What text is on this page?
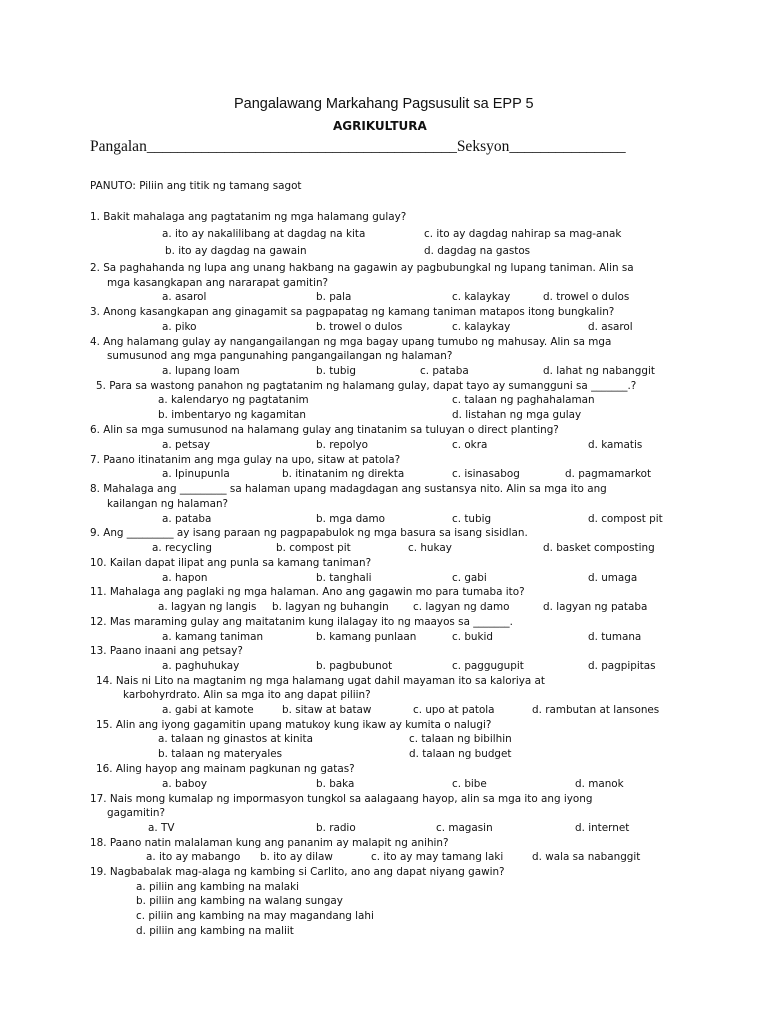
Pangalawang Markahang Pagsusulit sa EPP 5
AGRIKULTURA
Pangalan________________________________________Seksyon_______________
PANUTO: Piliin ang titik ng tamang sagot
1. Bakit mahalaga ang pagtatanim ng mga halamang gulay?
a. ito ay nakalilibang at dagdag na kita	c. ito ay dagdag nahirap sa mag-anak
b. ito ay dagdag na gawain	d. dagdag na gastos
2. Sa paghahanda ng lupa ang unang hakbang na gagawin ay pagbubungkal ng lupang taniman. Alin sa
mga kasangkapan ang nararapat gamitin?
a. asarol	b. pala	c. kalaykay	d. trowel o dulos
3. Anong kasangkapan ang ginagamit sa pagpapatag ng kamang taniman matapos itong bungkalin?
a. piko	b. trowel o dulos	c. kalaykay	d. asarol
4. Ang halamang gulay ay nangangailangan ng mga bagay upang tumubo ng mahusay. Alin sa mga
sumusunod ang mga pangunahing pangangailangan ng halaman?
a. lupang loam	b. tubig	c. pataba	d. lahat ng nabanggit
5. Para sa wastong panahon ng pagtatanim ng halamang gulay, dapat tayo ay sumangguni sa _______.?
a. kalendaryo ng pagtatanim	c. talaan ng paghahalaman
b. imbentaryo ng kagamitan	d. listahan ng mga gulay
6. Alin sa mga sumusunod na halamang gulay ang tinatanim sa tuluyan o direct planting?
a. petsay	b. repolyo	c. okra	d. kamatis
7. Paano itinatanim ang mga gulay na upo, sitaw at patola?
a. Ipinupunla	b. itinatanim ng direkta	c. isinasabog	d. pagmamarkot
8. Mahalaga ang _________ sa halaman upang madagdagan ang sustansya nito. Alin sa mga ito ang
kailangan ng halaman?
a. pataba	b. mga damo	c. tubig	d. compost pit
9. Ang _________ ay isang paraan ng pagpapabulok ng mga basura sa isang sisidlan.
a. recycling	b. compost pit	c. hukay	d. basket composting
10. Kailan dapat ilipat ang punla sa kamang taniman?
a. hapon	b. tanghali	c. gabi	d. umaga
11. Mahalaga ang paglaki ng mga halaman. Ano ang gagawin mo para tumaba ito?
a. lagyan ng langis b. lagyan ng buhangin c. lagyan ng damo	d. lagyan ng pataba
12. Mas maraming gulay ang maitatanim kung ilalagay ito ng maayos sa _______.
a. kamang taniman	b. kamang punlaan	c. bukid	d. tumana
13. Paano inaani ang petsay?
a. paghuhukay	b. pagbubunot	c. paggugupit	d. pagpipitas
14. Nais ni Lito na magtanim ng mga halamang ugat dahil mayaman ito sa kaloriya at
karbohyrdrato. Alin sa mga ito ang dapat piliin?
a. gabi at kamote	b. sitaw at bataw	c. upo at patola	d. rambutan at lansones
15. Alin ang iyong gagamitin upang matukoy kung ikaw ay kumita o nalugi?
a. talaan ng ginastos at kinita	c. talaan ng bibilhin
b. talaan ng materyales	d. talaan ng budget
16. Aling hayop ang mainam pagkunan ng gatas?
a. baboy	b. baka	c. bibe	d. manok
17. Nais mong kumalap ng impormasyon tungkol sa aalagaang hayop, alin sa mga ito ang iyong
gagamitin?
a. TV	b. radio	c. magasin	d. internet
18. Paano natin malalaman kung ang pananim ay malapit ng anihin?
a. ito ay mabango b. ito ay dilaw	c. ito ay may tamang laki	d. wala sa nabanggit
19. Nagbabalak mag-alaga ng kambing si Carlito, ano ang dapat niyang gawin?
a. piliin ang kambing na malaki
b. piliin ang kambing na walang sungay
c. piliin ang kambing na may magandang lahi
d. piliin ang kambing na maliit
